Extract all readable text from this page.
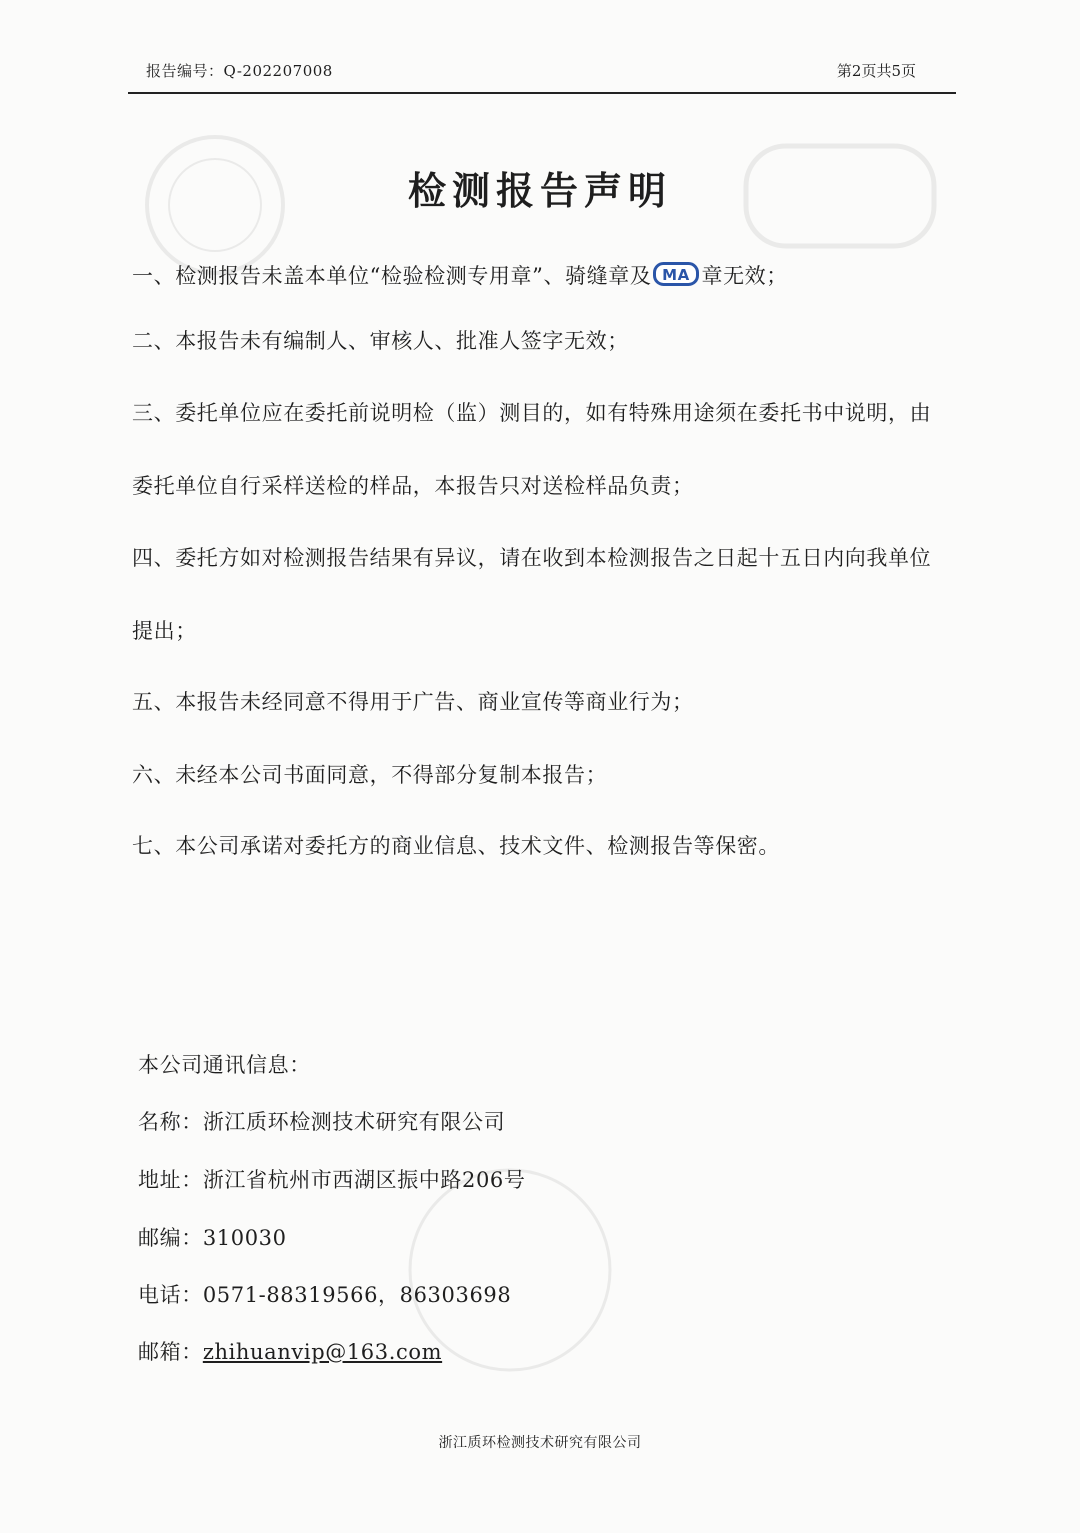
报告编号：Q-202207008	第2页共5页
检测报告声明
一、检测报告未盖本单位“检验检测专用章”、骑缝章及 MA 章无效；
二、本报告未有编制人、审核人、批准人签字无效；
三、委托单位应在委托前说明检（监）测目的，如有特殊用途须在委托书中说明，由
委托单位自行采样送检的样品，本报告只对送检样品负责；
四、委托方如对检测报告结果有异议，请在收到本检测报告之日起十五日内向我单位
提出；
五、本报告未经同意不得用于广告、商业宣传等商业行为；
六、未经本公司书面同意，不得部分复制本报告；
七、本公司承诺对委托方的商业信息、技术文件、检测报告等保密。
本公司通讯信息：
名称：浙江质环检测技术研究有限公司
地址：浙江省杭州市西湖区振中路206号
邮编：310030
电话：0571-88319566，86303698
邮箱：zhihuanvip@163.com
浙江质环检测技术研究有限公司
